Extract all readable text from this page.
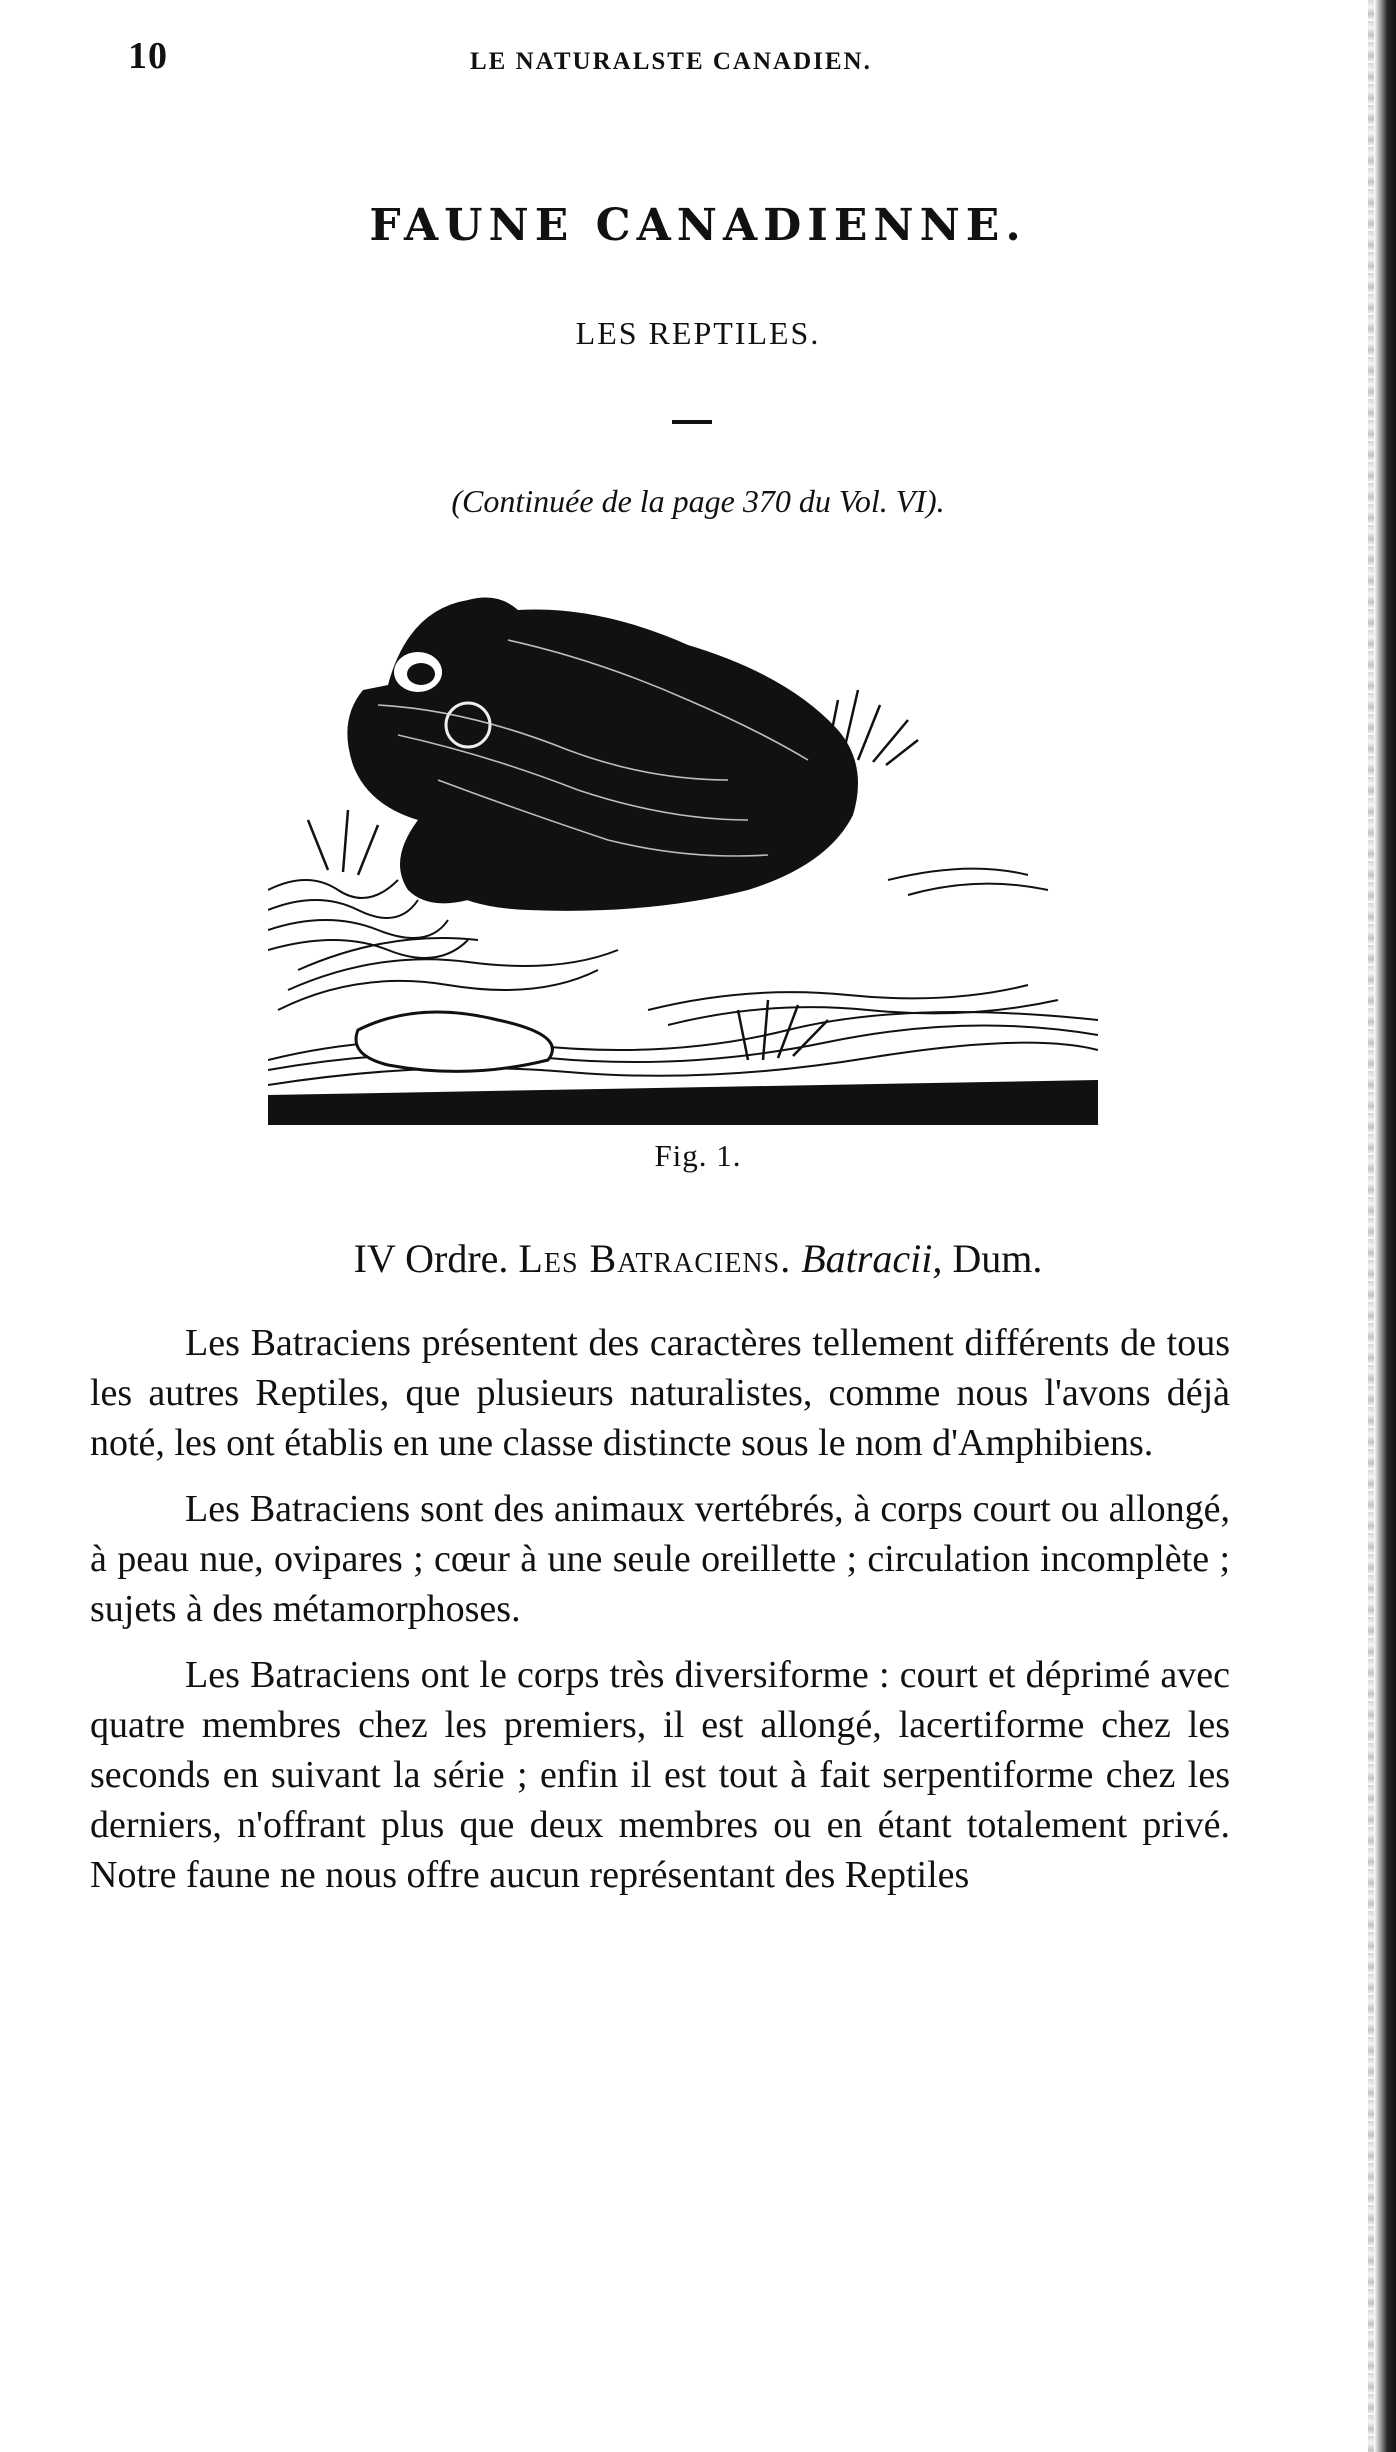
10	LE NATURALSTE CANADIEN.
FAUNE CANADIENNE.
LES REPTILES.
(Continuée de la page 370 du Vol. VI).
Fig. 1.
IV Ordre. Les Batraciens. Batracii, Dum.

Les Batraciens présentent des caractères tellement différents de tous les autres Reptiles, que plusieurs naturalistes, comme nous l'avons déjà noté, les ont établis en une classe distincte sous le nom d'Amphibiens.

Les Batraciens sont des animaux vertébrés, à corps court ou allongé, à peau nue, ovipares ; cœur à une seule oreillette ; circulation incomplète ; sujets à des métamorphoses.

Les Batraciens ont le corps très diversiforme : court et déprimé avec quatre membres chez les premiers, il est allongé, lacertiforme chez les seconds en suivant la série ; enfin il est tout à fait serpentiforme chez les derniers, n'offrant plus que deux membres ou en étant totalement privé. Notre faune ne nous offre aucun représentant des Reptiles
